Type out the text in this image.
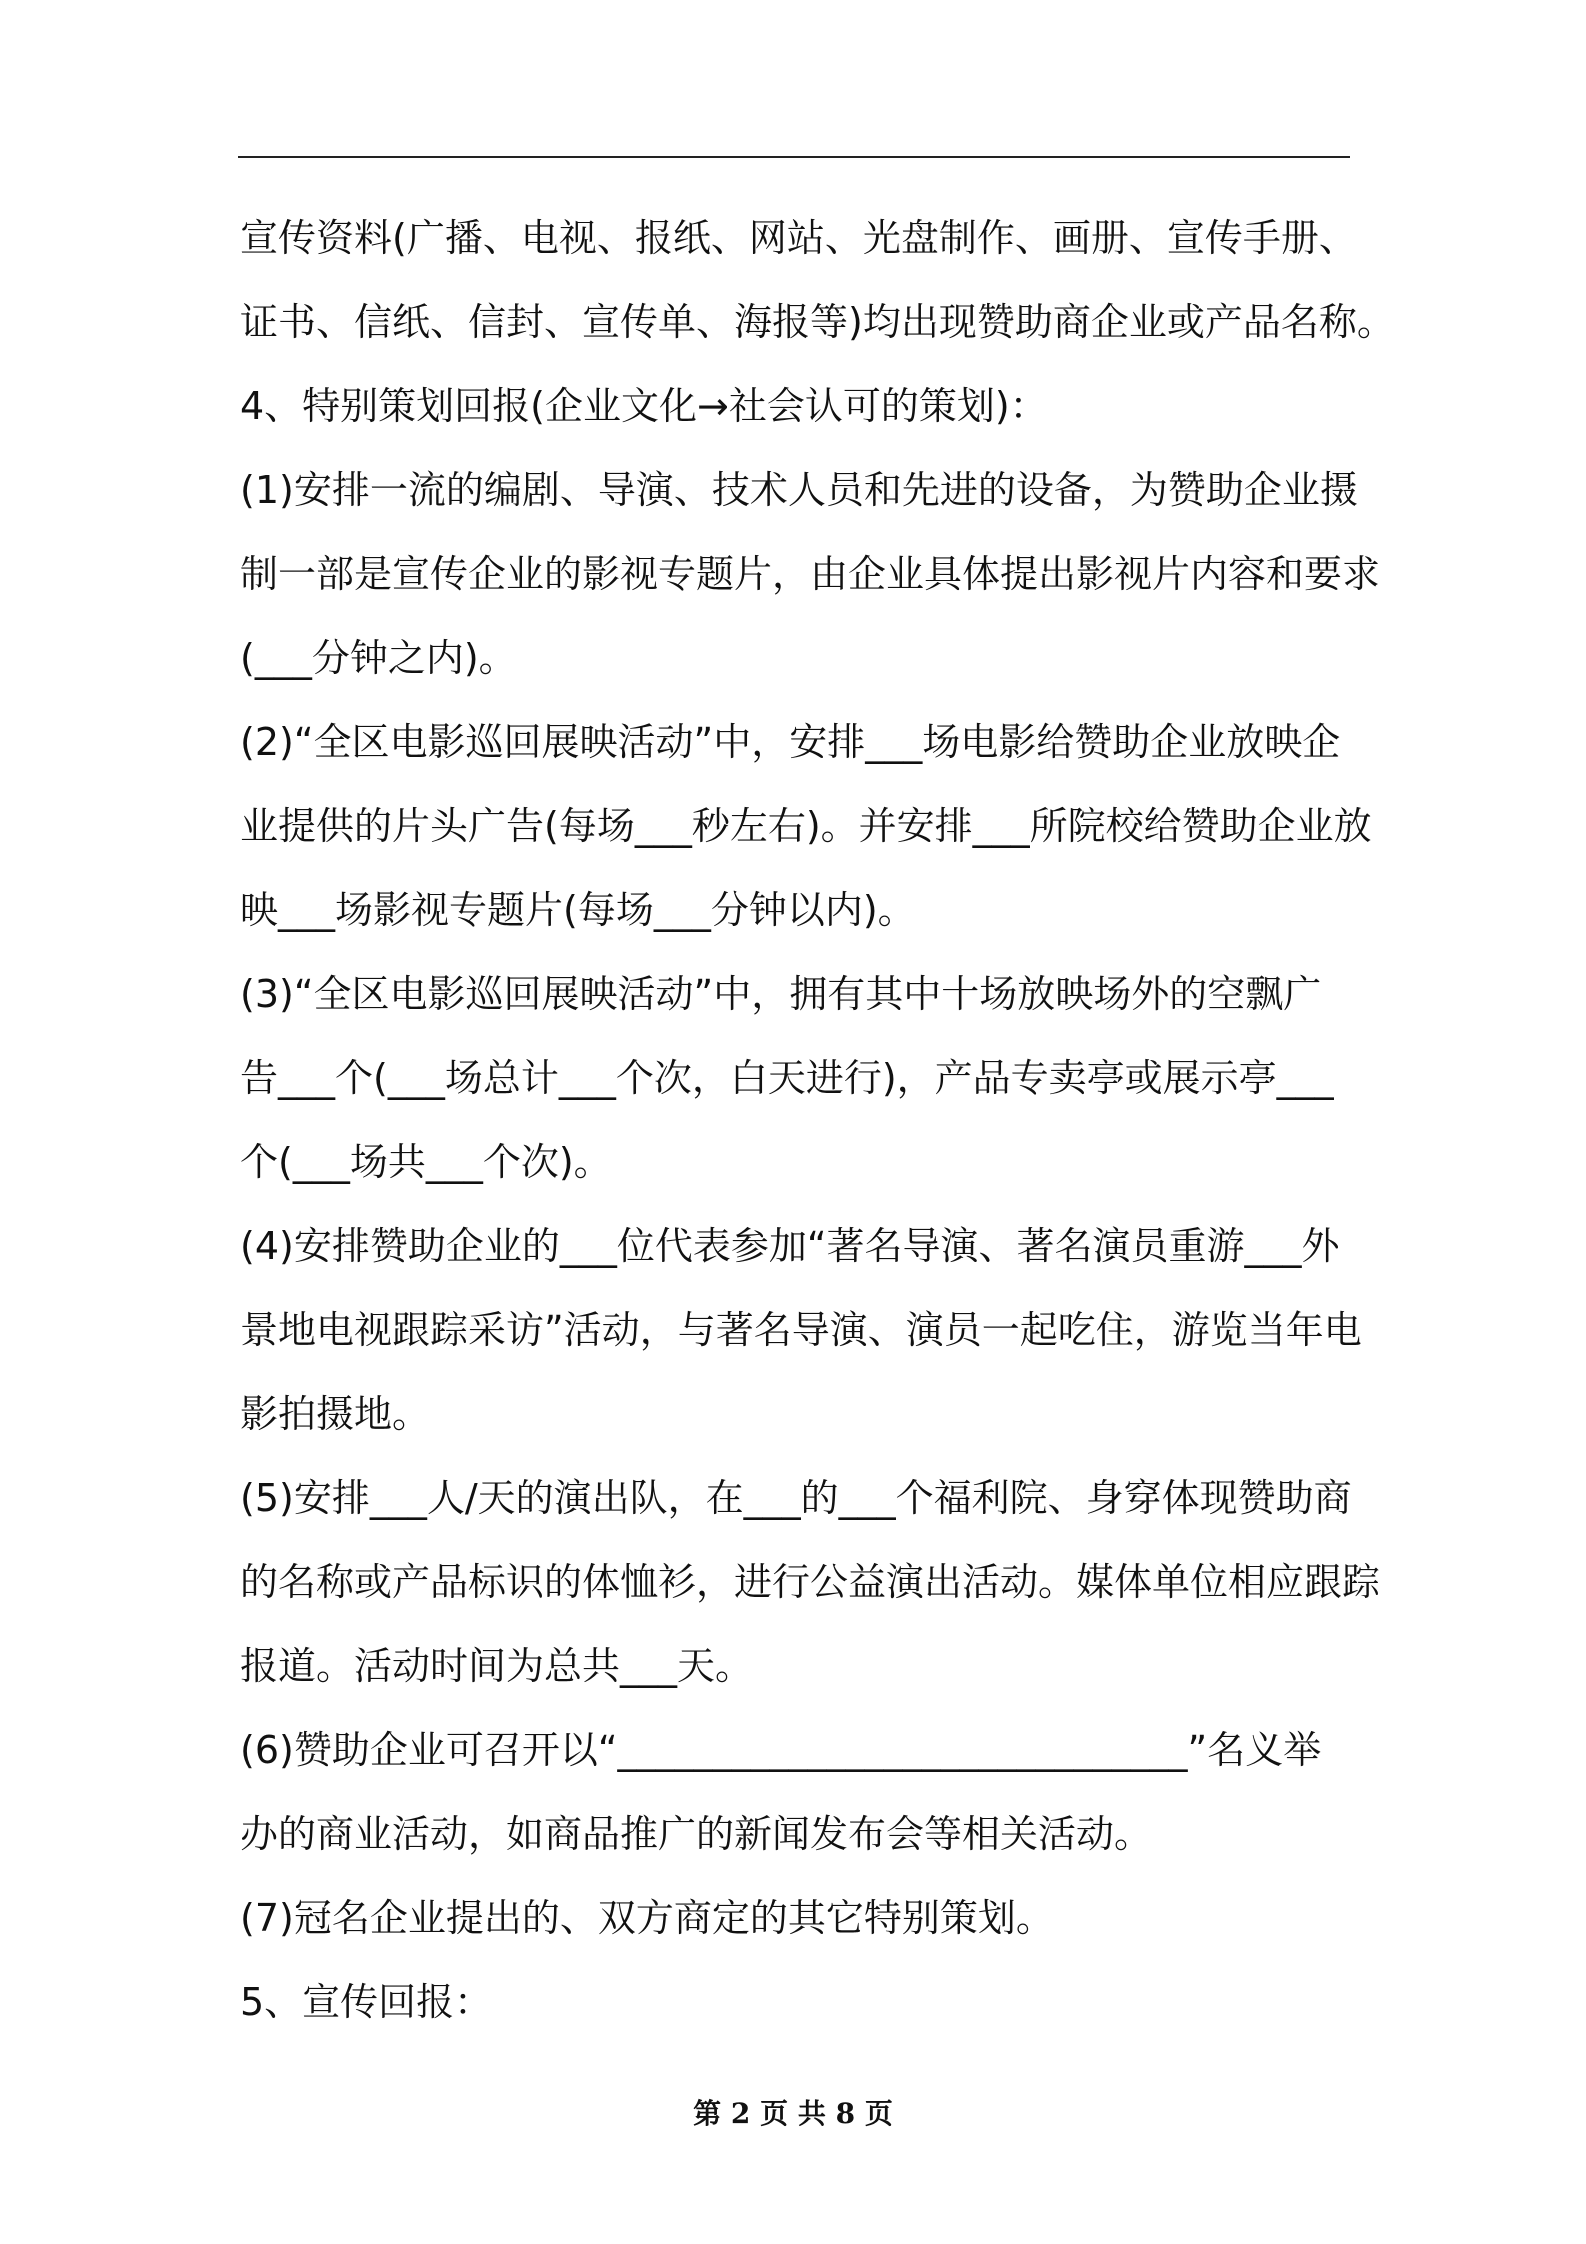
宣传资料(广播、电视、报纸、网站、光盘制作、画册、宣传手册、
证书、信纸、信封、宣传单、海报等)均出现赞助商企业或产品名称。
4、特别策划回报(企业文化→社会认可的策划)：
(1)安排一流的编剧、导演、技术人员和先进的设备，为赞助企业摄
制一部是宣传企业的影视专题片，由企业具体提出影视片内容和要求
(___分钟之内)。
(2)“全区电影巡回展映活动”中，安排___场电影给赞助企业放映企
业提供的片头广告(每场___秒左右)。并安排___所院校给赞助企业放
映___场影视专题片(每场___分钟以内)。
(3)“全区电影巡回展映活动”中，拥有其中十场放映场外的空飘广
告___个(___场总计___个次，白天进行)，产品专卖亭或展示亭___
个(___场共___个次)。
(4)安排赞助企业的___位代表参加“著名导演、著名演员重游___外
景地电视跟踪采访”活动，与著名导演、演员一起吃住，游览当年电
影拍摄地。
(5)安排___人/天的演出队，在___的___个福利院、身穿体现赞助商
的名称或产品标识的体恤衫，进行公益演出活动。媒体单位相应跟踪
报道。活动时间为总共___天。
(6)赞助企业可召开以“______________________________”名义举
办的商业活动，如商品推广的新闻发布会等相关活动。
(7)冠名企业提出的、双方商定的其它特别策划。
5、宣传回报：
第 2 页 共 8 页
